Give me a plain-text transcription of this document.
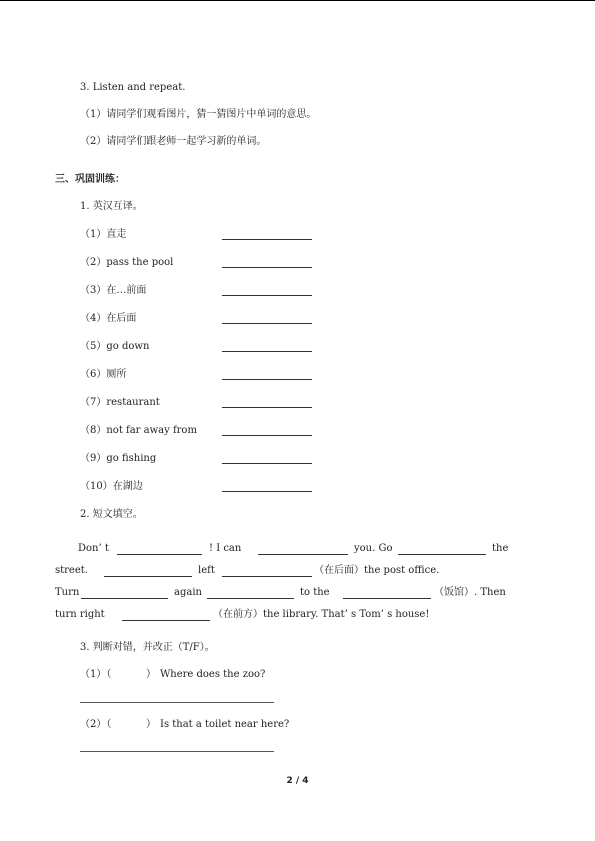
3. Listen and repeat.
（1）请同学们观看图片，猜一猜图片中单词的意思。
（2）请同学们跟老师一起学习新的单词。
三、巩固训练：
1. 英汉互译。
（1）直走
（2）pass the pool
（3）在…前面
（4）在后面
（5）go down
（6）厕所
（7）restaurant
（8）not far away from
（9）go fishing
（10）在湖边
2. 短文填空。
Don’ t	! I can	you. Go	the
street.	left	（在后面）the post office.
Turn	again	to the	（饭馆）. Then
turn right	（在前方）the library. That’ s Tom’ s house!
3. 判断对错，并改正（T/F）。
（1）（	） Where does the zoo?
（2）（	） Is that a toilet near here?
2 / 4
